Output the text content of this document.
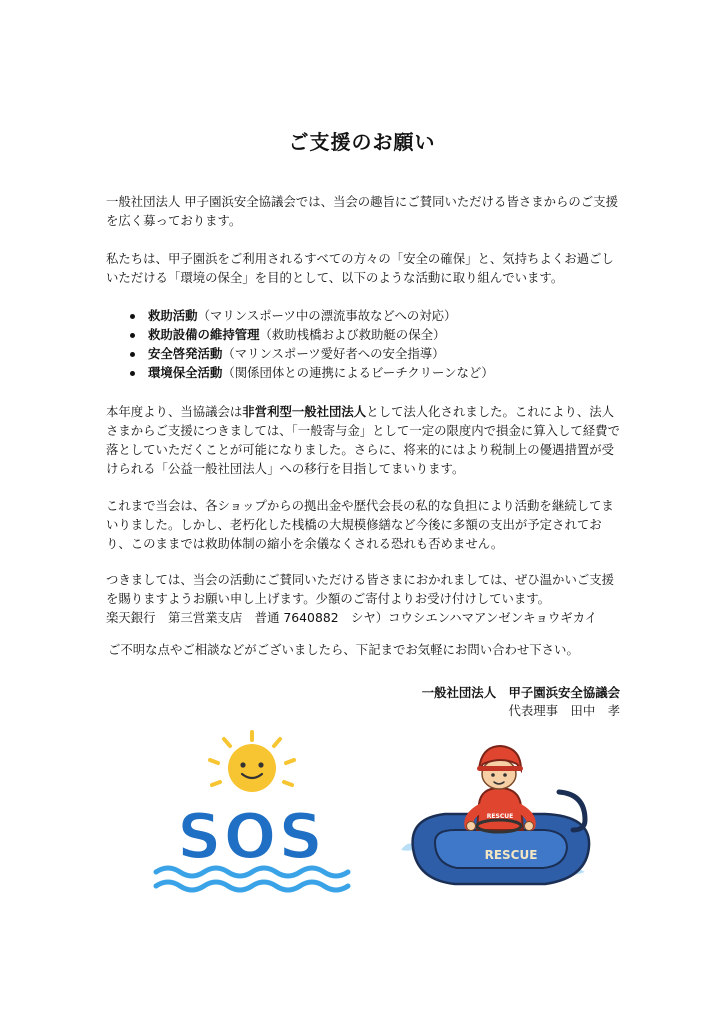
ご支援のお願い

一般社団法人 甲子園浜安全協議会では、当会の趣旨にご賛同いただける皆さまからのご支援を広く募っております。

私たちは、甲子園浜をご利用されるすべての方々の「安全の確保」と、気持ちよくお過ごしいただける「環境の保全」を目的として、以下のような活動に取り組んでいます。

救助活動（マリンスポーツ中の漂流事故などへの対応）
救助設備の維持管理（救助桟橋および救助艇の保全）
安全啓発活動（マリンスポーツ愛好者への安全指導）
環境保全活動（関係団体との連携によるビーチクリーンなど）

本年度より、当協議会は非営利型一般社団法人として法人化されました。これにより、法人さまからご支援につきましては、「一般寄与金」として一定の限度内で損金に算入して経費で落としていただくことが可能になりました。さらに、将来的にはより税制上の優遇措置が受けられる「公益一般社団法人」への移行を目指してまいります。

これまで当会は、各ショップからの拠出金や歴代会長の私的な負担により活動を継続してまいりました。しかし、老朽化した桟橋の大規模修繕など今後に多額の支出が予定されており、このままでは救助体制の縮小を余儀なくされる恐れも否めません。

つきましては、当会の活動にご賛同いただける皆さまにおかれましては、ぜひ温かいご支援を賜りますようお願い申し上げます。少額のご寄付よりお受け付けしています。
楽天銀行　第三営業支店　普通 7640882　シヤ）コウシエンハマアンゼンキョウギカイ

ご不明な点やご相談などがございましたら、下記までお気軽にお問い合わせ下さい。

一般社団法人　甲子園浜安全協議会
代表理事　田中　孝
SOS	RESCUE
RESCUE
